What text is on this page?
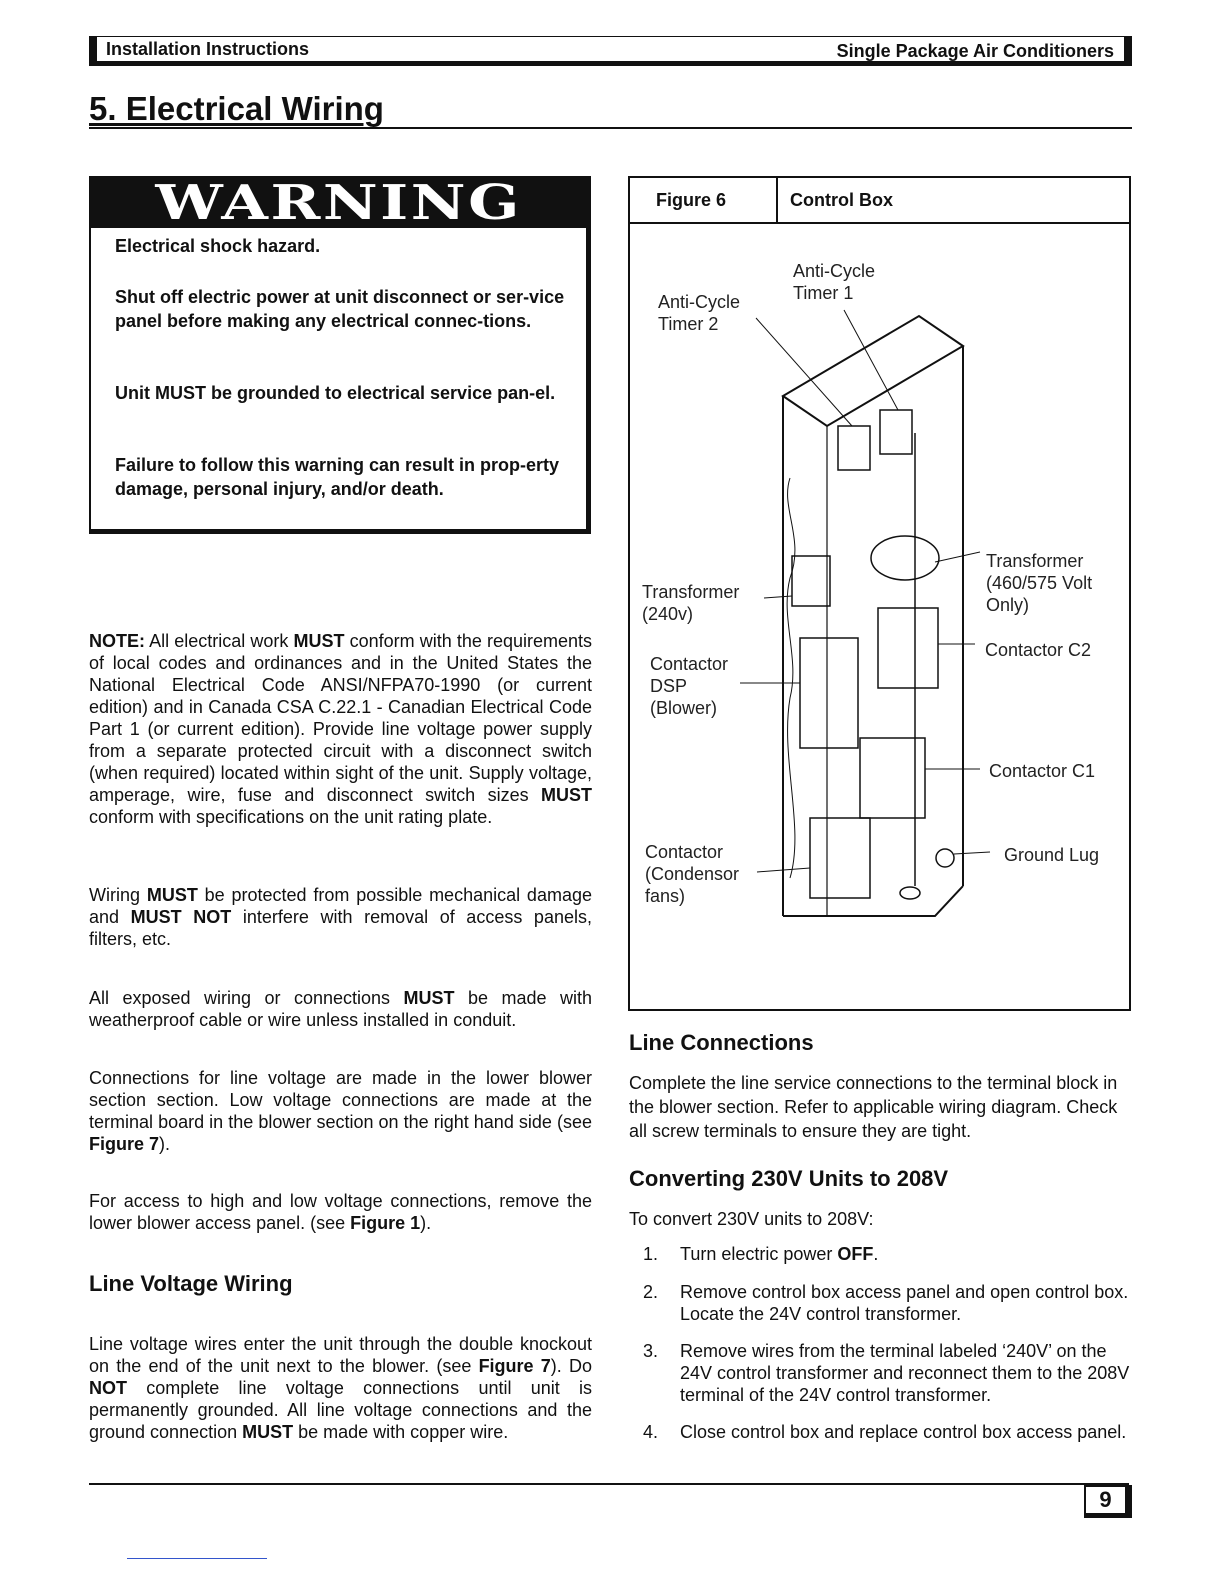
Installation Instructions	Single Package Air Conditioners
5. Electrical Wiring
WARNING
Electrical shock hazard.
Shut off electric power at unit disconnect or ser-vice panel before making any electrical connec-tions.
Unit MUST be grounded to electrical service pan-el.
Failure to follow this warning can result in prop-erty damage, personal injury, and/or death.
NOTE: All electrical work MUST conform with the requirements of local codes and ordinances and in the United States the National Electrical Code ANSI/NFPA70-1990 (or current edition) and in Canada CSA C.22.1 - Canadian Electrical Code Part 1 (or current edition). Provide line voltage power supply from a separate protected circuit with a disconnect switch (when required) located within sight of the unit. Supply voltage, amperage, wire, fuse and disconnect switch sizes MUST conform with specifications on the unit rating plate.
Wiring MUST be protected from possible mechanical damage and MUST NOT interfere with removal of access panels, filters, etc.
All exposed wiring or connections MUST be made with weatherproof cable or wire unless installed in conduit.
Connections for line voltage are made in the lower blower section section. Low voltage connections are made at the terminal board in the blower section on the right hand side (see Figure 7).
For access to high and low voltage connections, remove the lower blower access panel. (see Figure 1).
Line Voltage Wiring
Line voltage wires enter the unit through the double knockout on the end of the unit next to the blower. (see Figure 7). Do NOT complete line voltage connections until unit is permanently grounded. All line voltage connections and the ground connection MUST be made with copper wire.
Figure 6	Control Box
Anti-Cycle
Timer 1
Anti-Cycle
Timer 2
Transformer
(240v)
Contactor
DSP
(Blower)
Contactor
(Condensor
fans)
Transformer
(460/575 Volt
Only)
Contactor C2
Contactor C1
Ground Lug
Line Connections
Complete the line service connections to the terminal block in the blower section. Refer to applicable wiring diagram. Check all screw terminals to ensure they are tight.
Converting 230V Units to 208V
To convert 230V units to 208V:
1. Turn electric power OFF.
2. Remove control box access panel and open control box. Locate the 24V control transformer.
3. Remove wires from the terminal labeled ‘240V’ on the 24V control transformer and reconnect them to the 208V terminal of the 24V control transformer.
4. Close control box and replace control box access panel.
9
